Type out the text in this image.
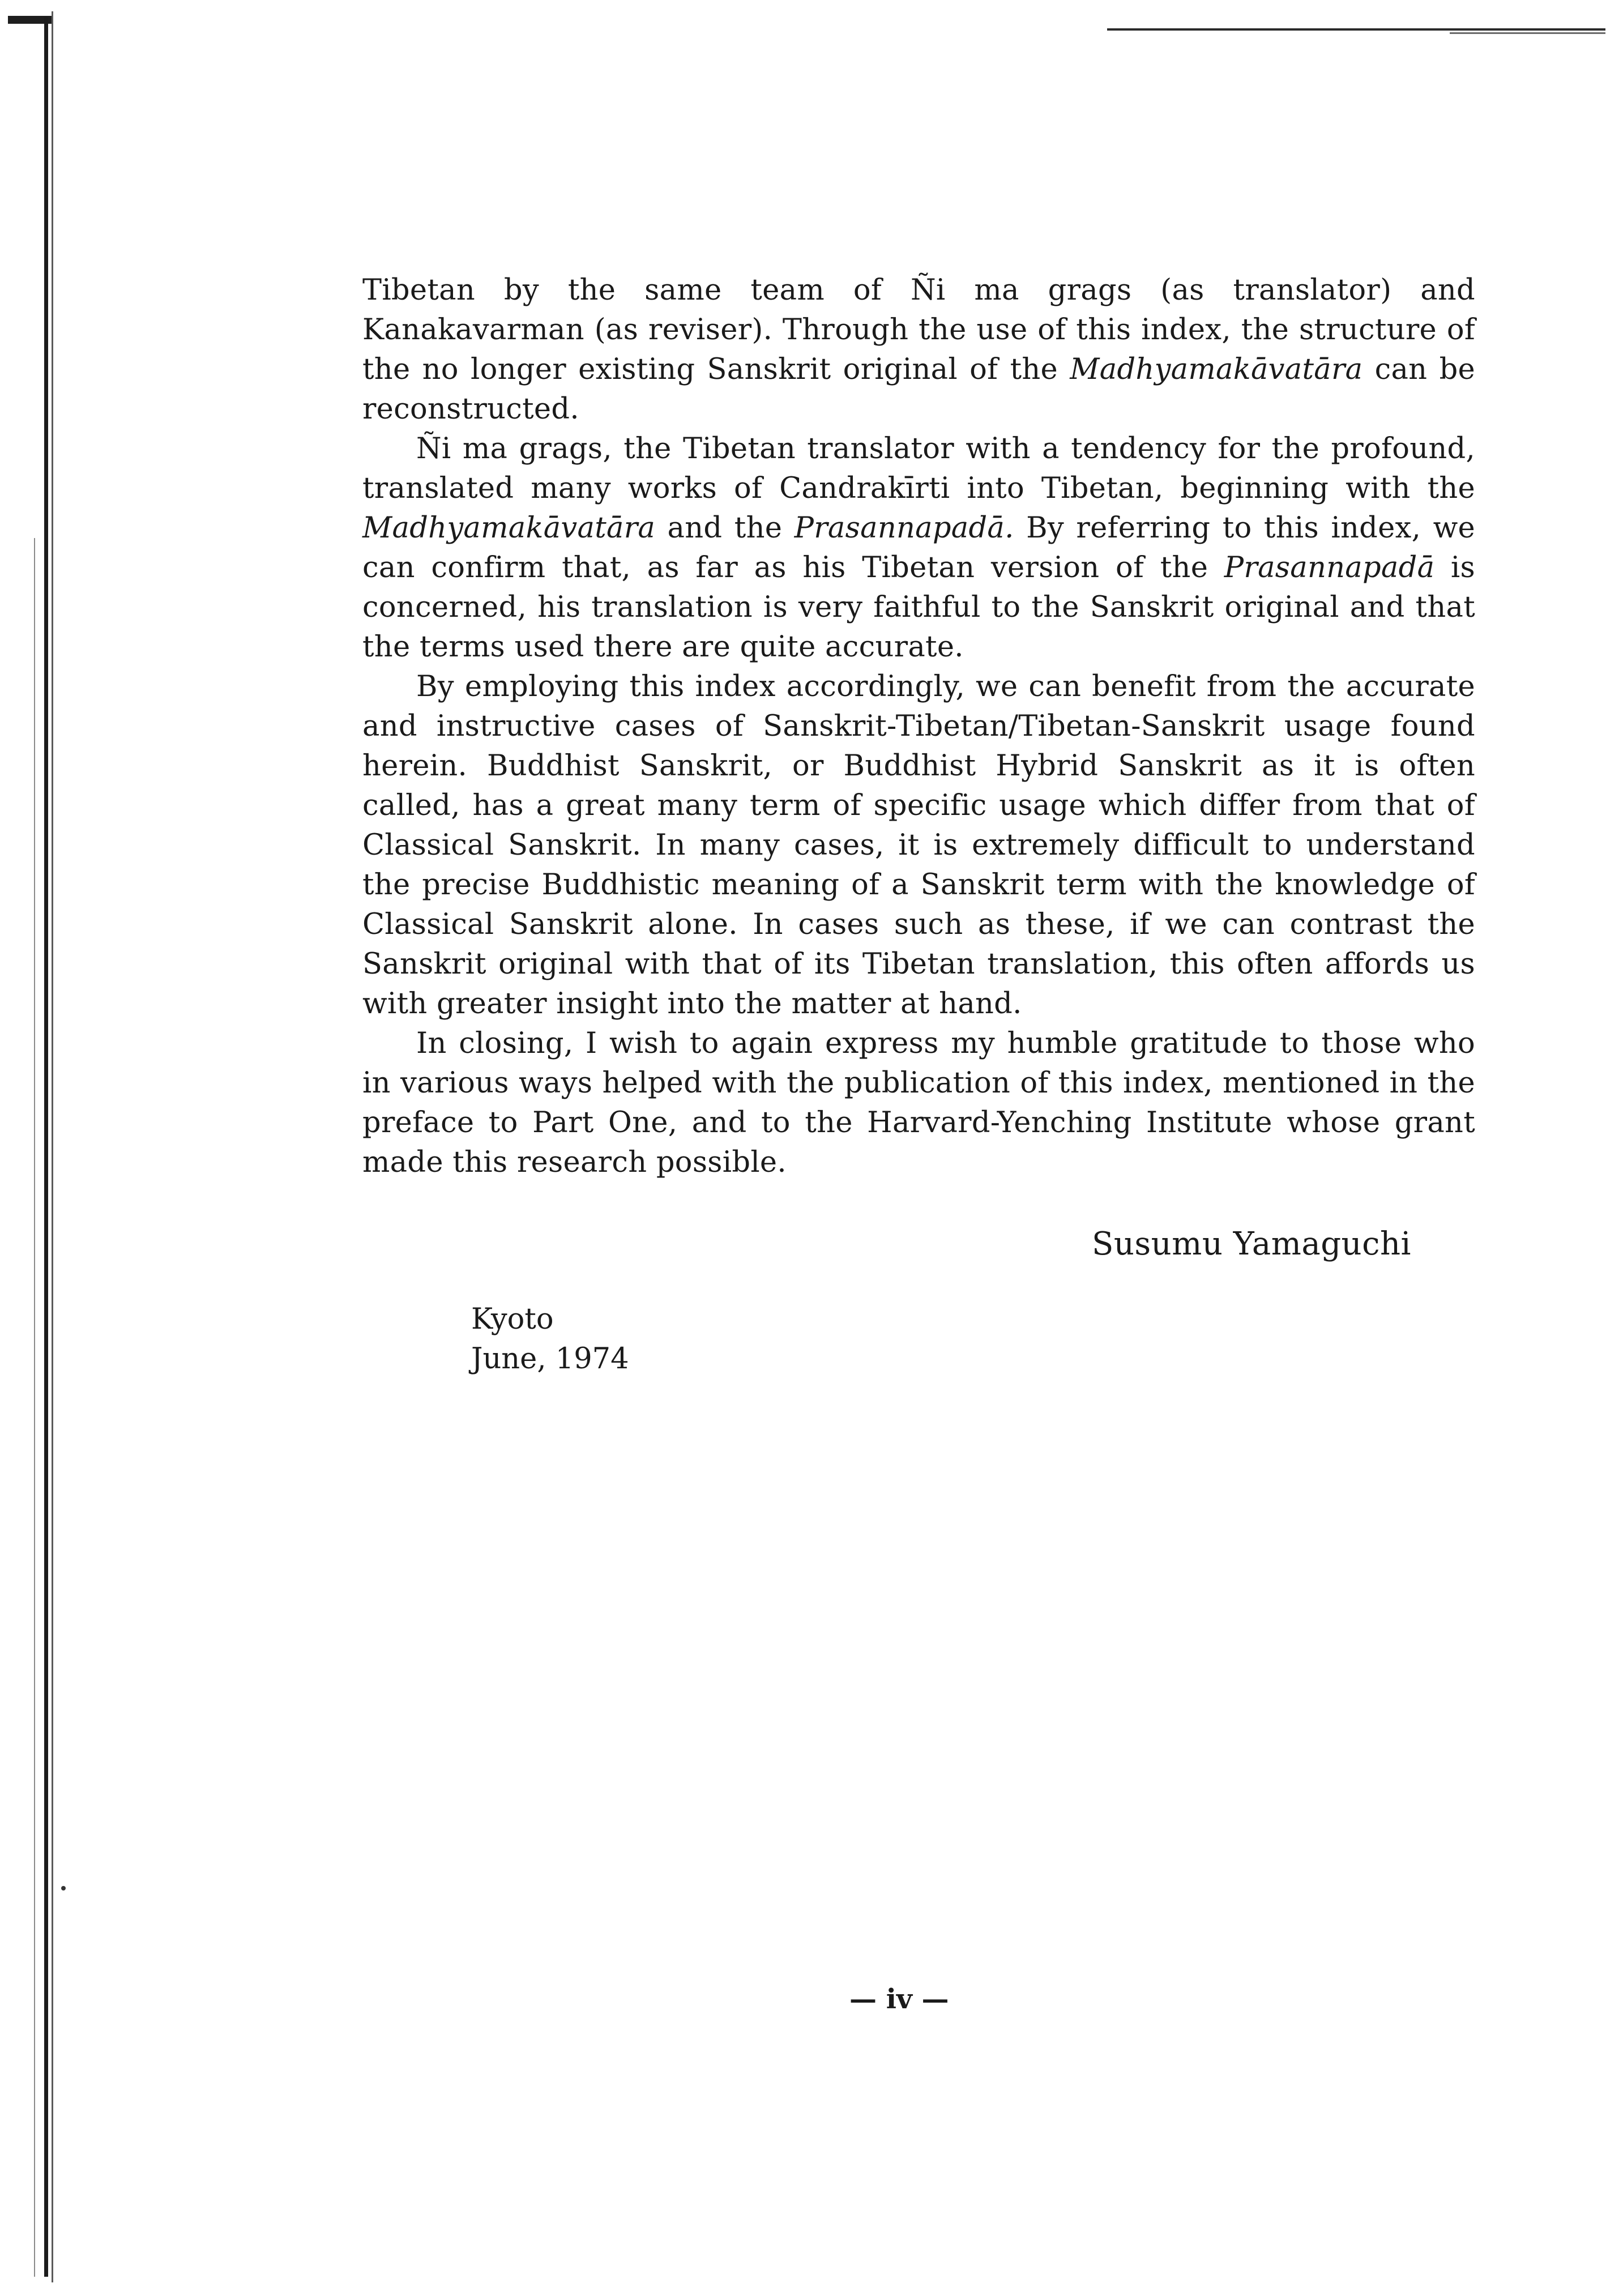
Tibetan by the same team of Ñi ma grags (as translator) and Kanakavarman (as reviser). Through the use of this index, the structure of the no longer existing Sanskrit original of the Madhyamakāvatāra can be reconstructed.

Ñi ma grags, the Tibetan translator with a tendency for the profound, translated many works of Candrakīrti into Tibetan, beginning with the Madhyamakāvatāra and the Prasannapadā. By referring to this index, we can confirm that, as far as his Tibetan version of the Prasannapadā is concerned, his translation is very faithful to the Sanskrit original and that the terms used there are quite accurate.

By employing this index accordingly, we can benefit from the accurate and instructive cases of Sanskrit-Tibetan/Tibetan-Sanskrit usage found herein. Buddhist Sanskrit, or Buddhist Hybrid Sanskrit as it is often called, has a great many term of specific usage which differ from that of Classical Sanskrit. In many cases, it is extremely difficult to understand the precise Buddhistic meaning of a Sanskrit term with the knowledge of Classical Sanskrit alone. In cases such as these, if we can contrast the Sanskrit original with that of its Tibetan translation, this often affords us with greater insight into the matter at hand.

In closing, I wish to again express my humble gratitude to those who in various ways helped with the publication of this index, mentioned in the preface to Part One, and to the Harvard-Yenching Institute whose grant made this research possible.

Susumu Yamaguchi
Kyoto
June, 1974
— iv —
